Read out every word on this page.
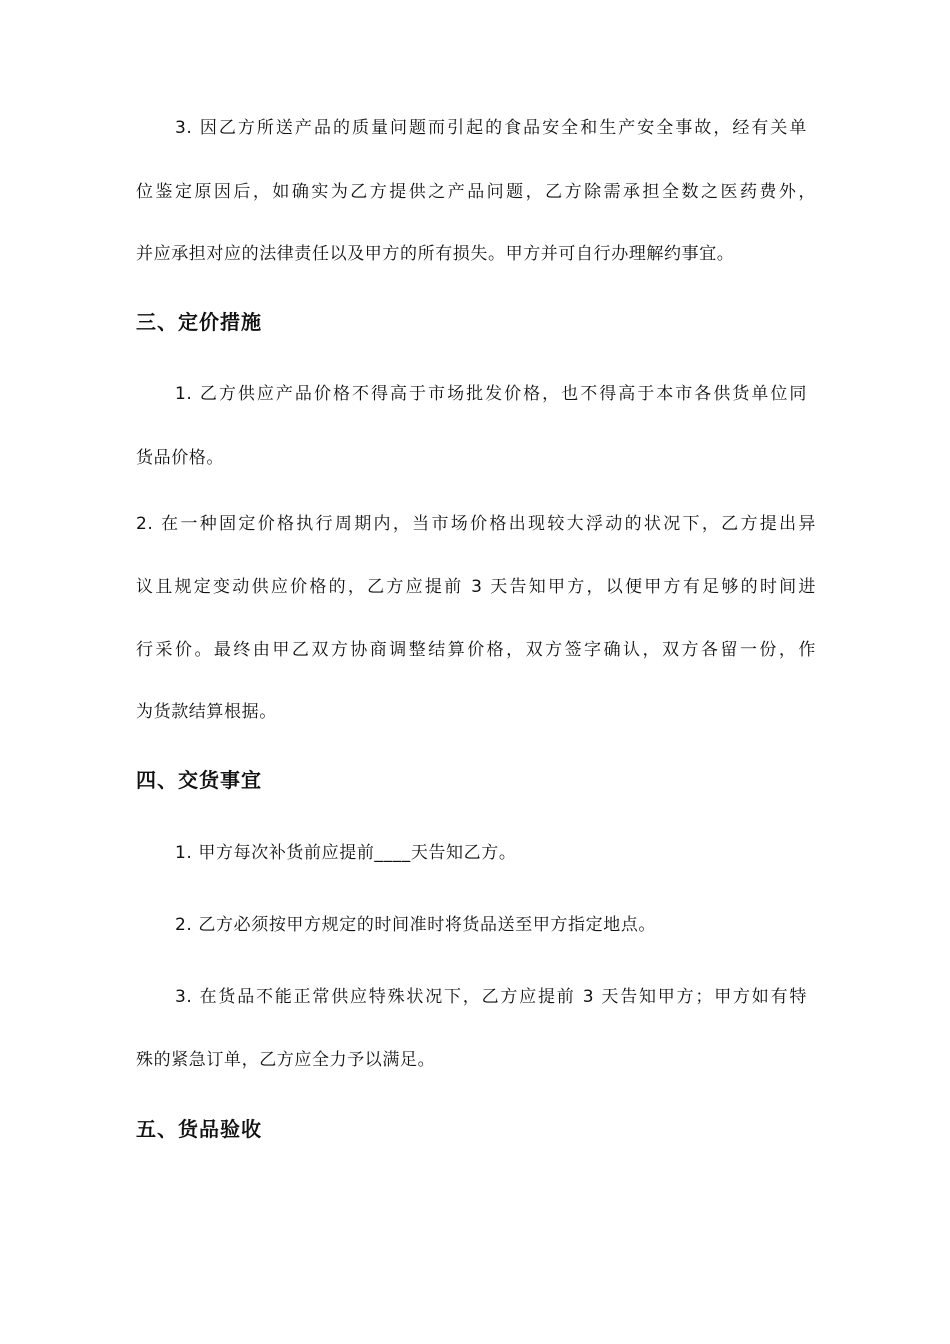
3. 因乙方所送产品的质量问题而引起的食品安全和生产安全事故，经有关单
位鉴定原因后，如确实为乙方提供之产品问题，乙方除需承担全数之医药费外，
并应承担对应的法律责任以及甲方的所有损失。甲方并可自行办理解约事宜。
三、定价措施
1. 乙方供应产品价格不得高于市场批发价格，也不得高于本市各供货单位同
货品价格。
2. 在一种固定价格执行周期内，当市场价格出现较大浮动的状况下，乙方提出异
议且规定变动供应价格的，乙方应提前 3 天告知甲方，以便甲方有足够的时间进
行采价。最终由甲乙双方协商调整结算价格，双方签字确认，双方各留一份，作
为货款结算根据。
四、交货事宜
1. 甲方每次补货前应提前____天告知乙方。
2. 乙方必须按甲方规定的时间准时将货品送至甲方指定地点。
3. 在货品不能正常供应特殊状况下，乙方应提前 3 天告知甲方；甲方如有特
殊的紧急订单，乙方应全力予以满足。
五、货品验收
